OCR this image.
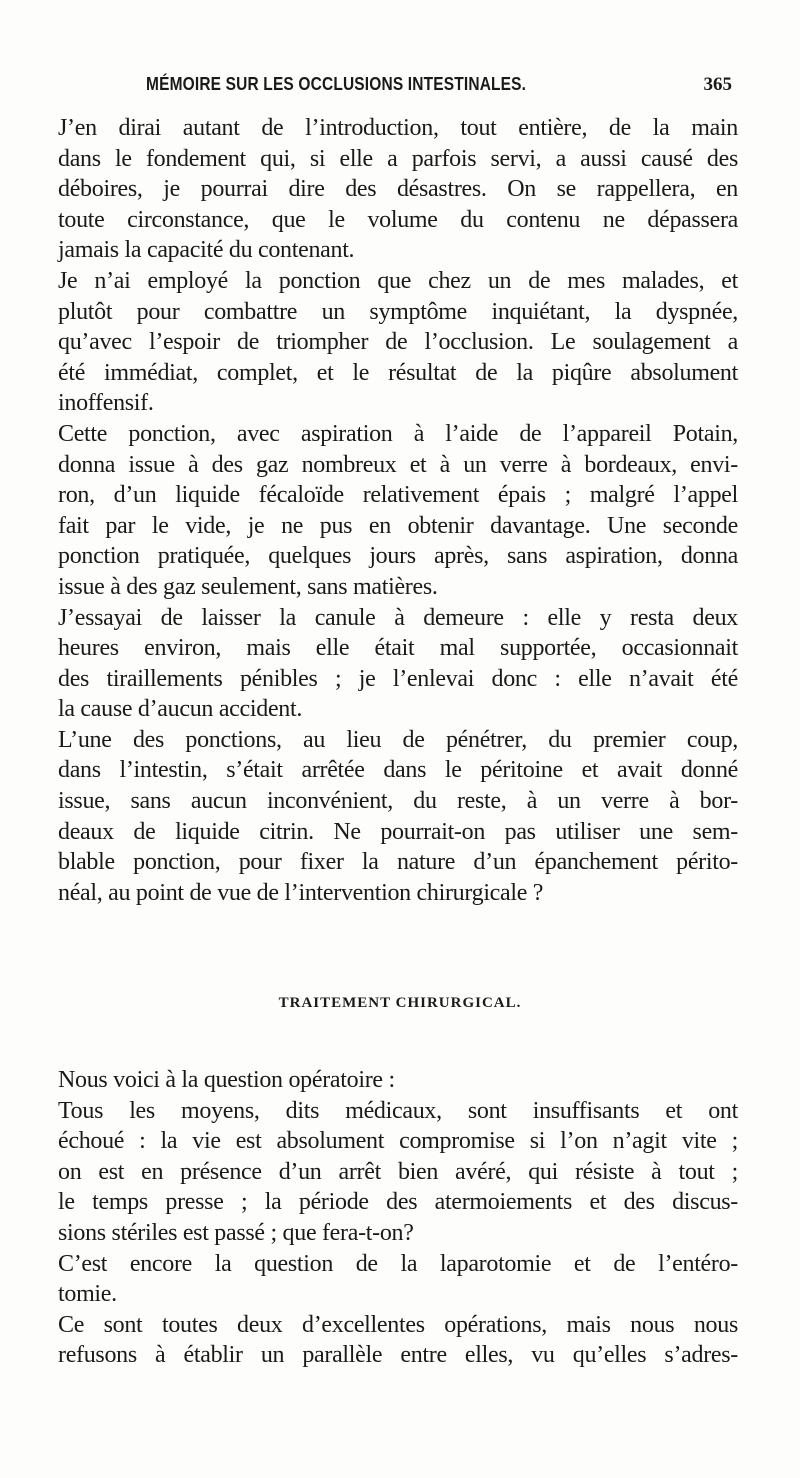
MÉMOIRE SUR LES OCCLUSIONS INTESTINALES.	365
J’en dirai autant de l’introduction, tout entière, de la main
dans le fondement qui, si elle a parfois servi, a aussi causé des
déboires, je pourrai dire des désastres. On se rappellera, en
toute circonstance, que le volume du contenu ne dépassera
jamais la capacité du contenant.
Je n’ai employé la ponction que chez un de mes malades, et
plutôt pour combattre un symptôme inquiétant, la dyspnée,
qu’avec l’espoir de triompher de l’occlusion. Le soulagement a
été immédiat, complet, et le résultat de la piqûre absolument
inoffensif.
Cette ponction, avec aspiration à l’aide de l’appareil Potain,
donna issue à des gaz nombreux et à un verre à bordeaux, envi-
ron, d’un liquide fécaloïde relativement épais ; malgré l’appel
fait par le vide, je ne pus en obtenir davantage. Une seconde
ponction pratiquée, quelques jours après, sans aspiration, donna
issue à des gaz seulement, sans matières.
J’essayai de laisser la canule à demeure : elle y resta deux
heures environ, mais elle était mal supportée, occasionnait
des tiraillements pénibles ; je l’enlevai donc : elle n’avait été
la cause d’aucun accident.
L’une des ponctions, au lieu de pénétrer, du premier coup,
dans l’intestin, s’était arrêtée dans le péritoine et avait donné
issue, sans aucun inconvénient, du reste, à un verre à bor-
deaux de liquide citrin. Ne pourrait-on pas utiliser une sem-
blable ponction, pour fixer la nature d’un épanchement périto-
néal, au point de vue de l’intervention chirurgicale ?
TRAITEMENT CHIRURGICAL.
Nous voici à la question opératoire :
Tous les moyens, dits médicaux, sont insuffisants et ont
échoué : la vie est absolument compromise si l’on n’agit vite ;
on est en présence d’un arrêt bien avéré, qui résiste à tout ;
le temps presse ; la période des atermoiements et des discus-
sions stériles est passé ; que fera-t-on?
C’est encore la question de la laparotomie et de l’entéro-
tomie.
Ce sont toutes deux d’excellentes opérations, mais nous nous
refusons à établir un parallèle entre elles, vu qu’elles s’adres-
